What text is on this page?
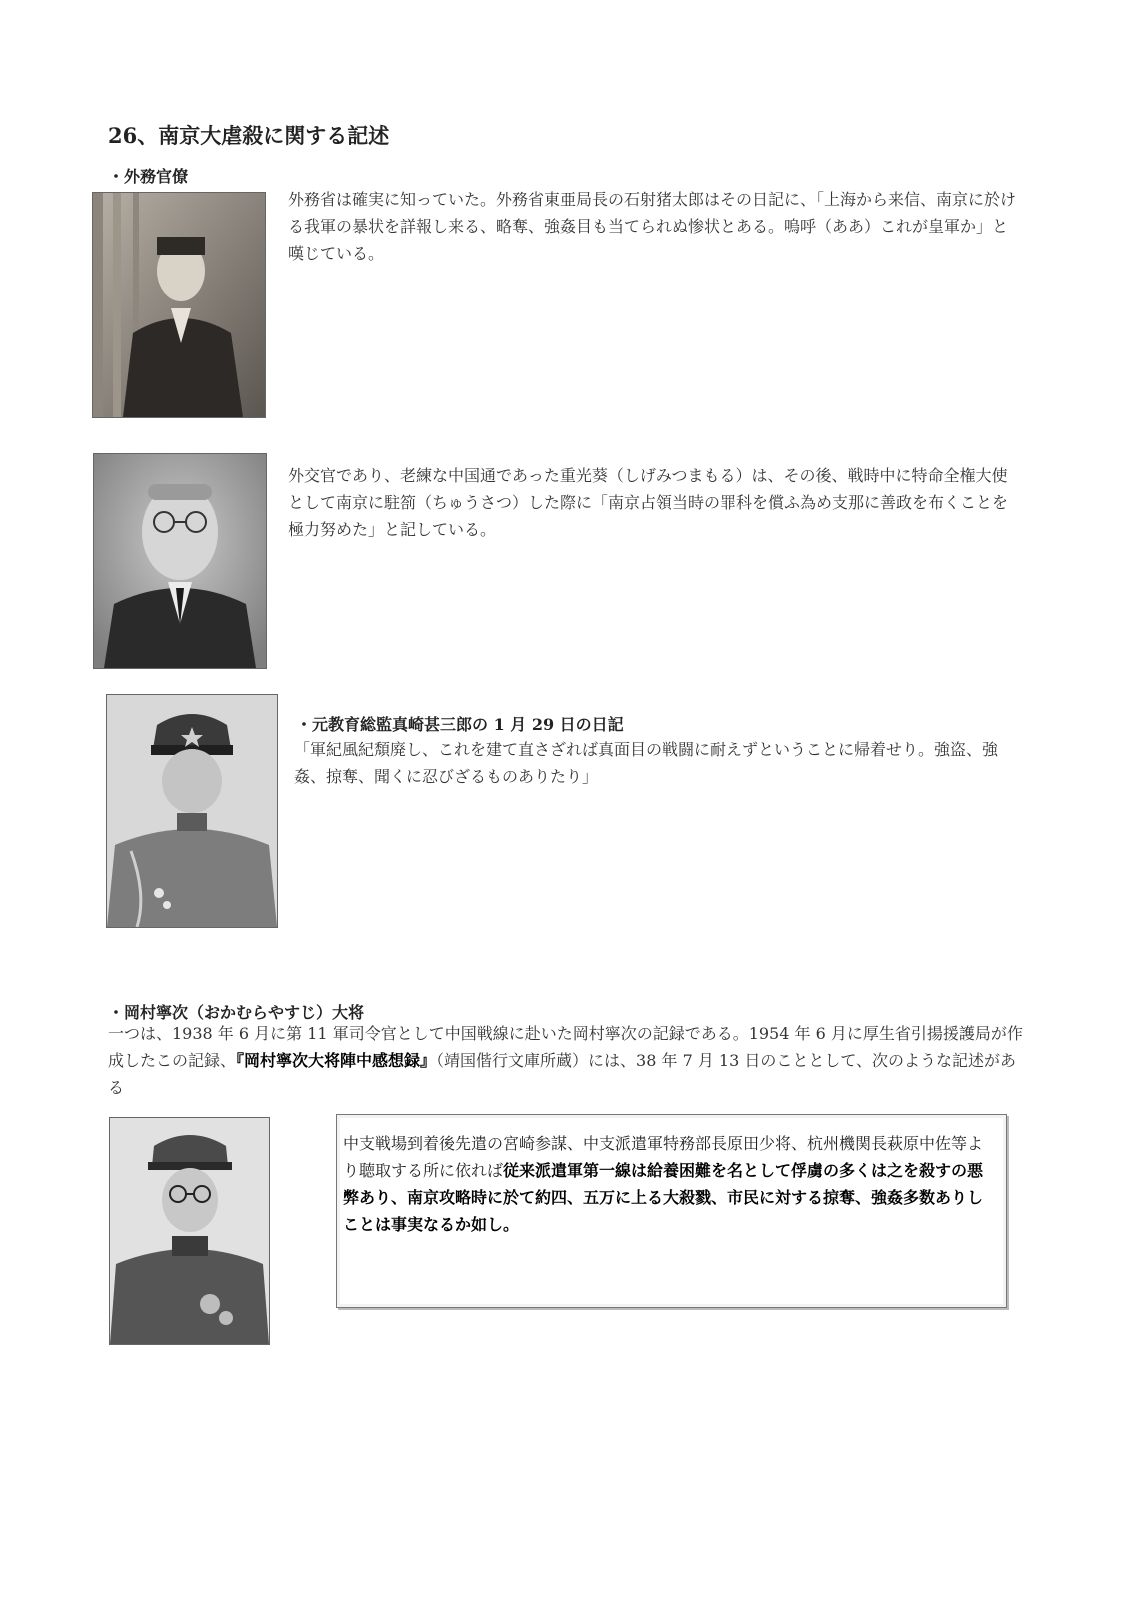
26、南京大虐殺に関する記述
・外務官僚
外務省は確実に知っていた。外務省東亜局長の石射猪太郎はその日記に、「上海から来信、南京に於ける我軍の暴状を詳報し来る、略奪、強姦目も当てられぬ惨状とある。嗚呼（ああ）これが皇軍か」と嘆じている。
外交官であり、老練な中国通であった重光葵（しげみつまもる）は、その後、戦時中に特命全権大使として南京に駐箚（ちゅうさつ）した際に「南京占領当時の罪科を償ふ為め支那に善政を布くことを極力努めた」と記している。
・元教育総監真崎甚三郎の 1 月 29 日の日記
「軍紀風紀頽廃し、これを建て直さざれば真面目の戦闘に耐えずということに帰着せり。強盗、強姦、掠奪、聞くに忍びざるものありたり」
・岡村寧次（おかむらやすじ）大将
一つは、1938 年 6 月に第 11 軍司令官として中国戦線に赴いた岡村寧次の記録である。1954 年 6 月に厚生省引揚援護局が作成したこの記録、『岡村寧次大将陣中感想録』（靖国偕行文庫所蔵）には、38 年 7 月 13 日のこととして、次のような記述がある
中支戦場到着後先遣の宮崎参謀、中支派遣軍特務部長原田少将、杭州機関長萩原中佐等より聴取する所に依れば従来派遣軍第一線は給養困難を名として俘虜の多くは之を殺すの悪弊あり、南京攻略時に於て約四、五万に上る大殺戮、市民に対する掠奪、強姦多数ありしことは事実なるか如し。
